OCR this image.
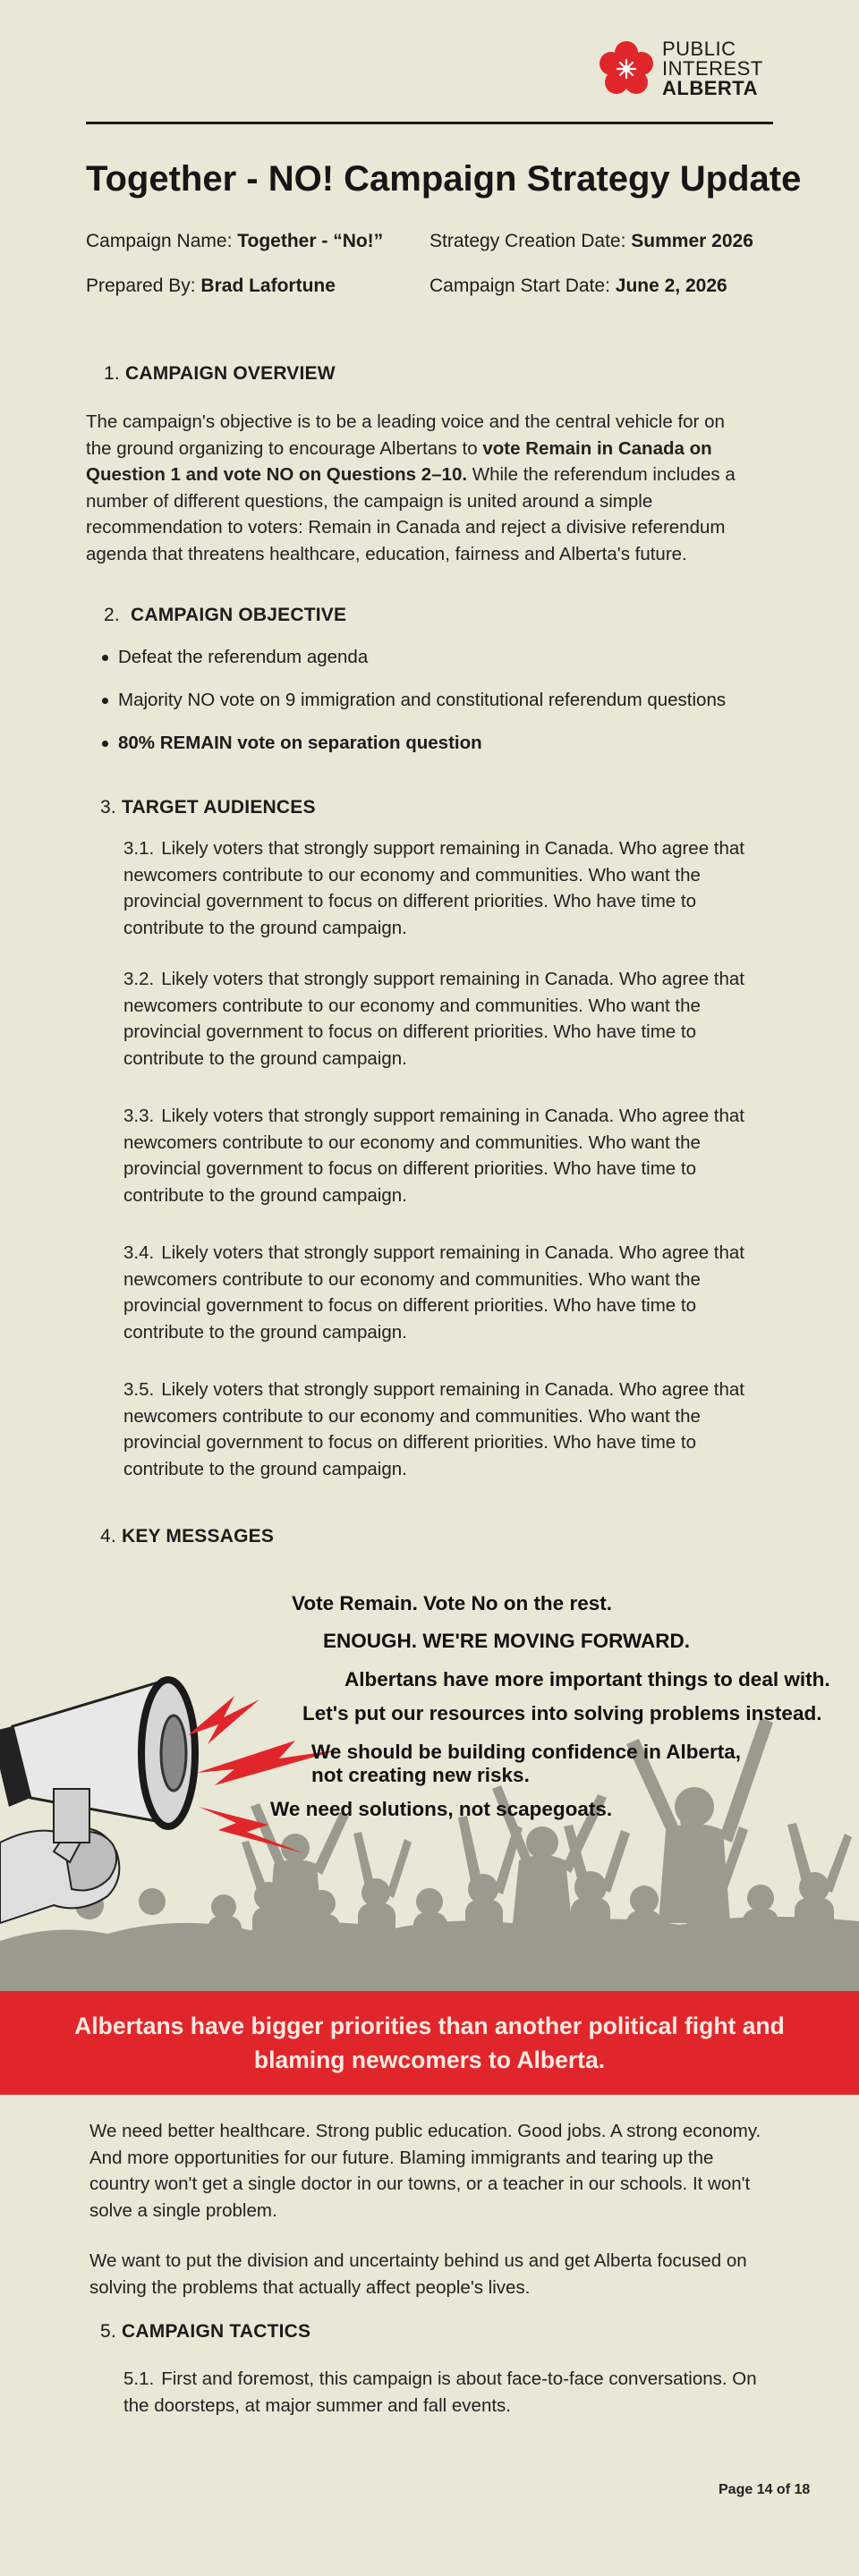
PUBLIC
INTEREST
ALBERTA
Together - NO! Campaign Strategy Update
Campaign Name: Together - “No!” Strategy Creation Date: Summer 2026
Prepared By: Brad Lafortune	Campaign Start Date: June 2, 2026
1. CAMPAIGN OVERVIEW

The campaign's objective is to be a leading voice and the central vehicle for on the ground organizing to encourage Albertans to vote Remain in Canada on Question 1 and vote NO on Questions 2–10. While the referendum includes a number of different questions, the campaign is united around a simple recommendation to voters: Remain in Canada and reject a divisive referendum agenda that threatens healthcare, education, fairness and Alberta's future.

2. CAMPAIGN OBJECTIVE
Defeat the referendum agenda
Majority NO vote on 9 immigration and constitutional referendum questions
80% REMAIN vote on separation question
3. TARGET AUDIENCES

3.1. Likely voters that strongly support remaining in Canada. Who agree that newcomers contribute to our economy and communities. Who want the provincial government to focus on different priorities. Who have time to contribute to the ground campaign.

3.2. Likely voters that strongly support remaining in Canada. Who agree that newcomers contribute to our economy and communities. Who want the provincial government to focus on different priorities. Who have time to contribute to the ground campaign.

3.3. Likely voters that strongly support remaining in Canada. Who agree that newcomers contribute to our economy and communities. Who want the provincial government to focus on different priorities. Who have time to contribute to the ground campaign.

3.4. Likely voters that strongly support remaining in Canada. Who agree that newcomers contribute to our economy and communities. Who want the provincial government to focus on different priorities. Who have time to contribute to the ground campaign.

3.5. Likely voters that strongly support remaining in Canada. Who agree that newcomers contribute to our economy and communities. Who want the provincial government to focus on different priorities. Who have time to contribute to the ground campaign.

4. KEY MESSAGES
Vote Remain. Vote No on the rest.
ENOUGH. WE'RE MOVING FORWARD.
Albertans have more important things to deal with.
Let's put our resources into solving problems instead.
We should be building confidence in Alberta,
not creating new risks.
We need solutions, not scapegoats.
Albertans have bigger priorities than another political fight and blaming newcomers to Alberta.

We need better healthcare. Strong public education. Good jobs. A strong economy. And more opportunities for our future. Blaming immigrants and tearing up the country won't get a single doctor in our towns, or a teacher in our schools. It won't solve a single problem.

We want to put the division and uncertainty behind us and get Alberta focused on solving the problems that actually affect people's lives.

5. CAMPAIGN TACTICS

5.1. First and foremost, this campaign is about face-to-face conversations. On the doorsteps, at major summer and fall events.

Page 14 of 18
